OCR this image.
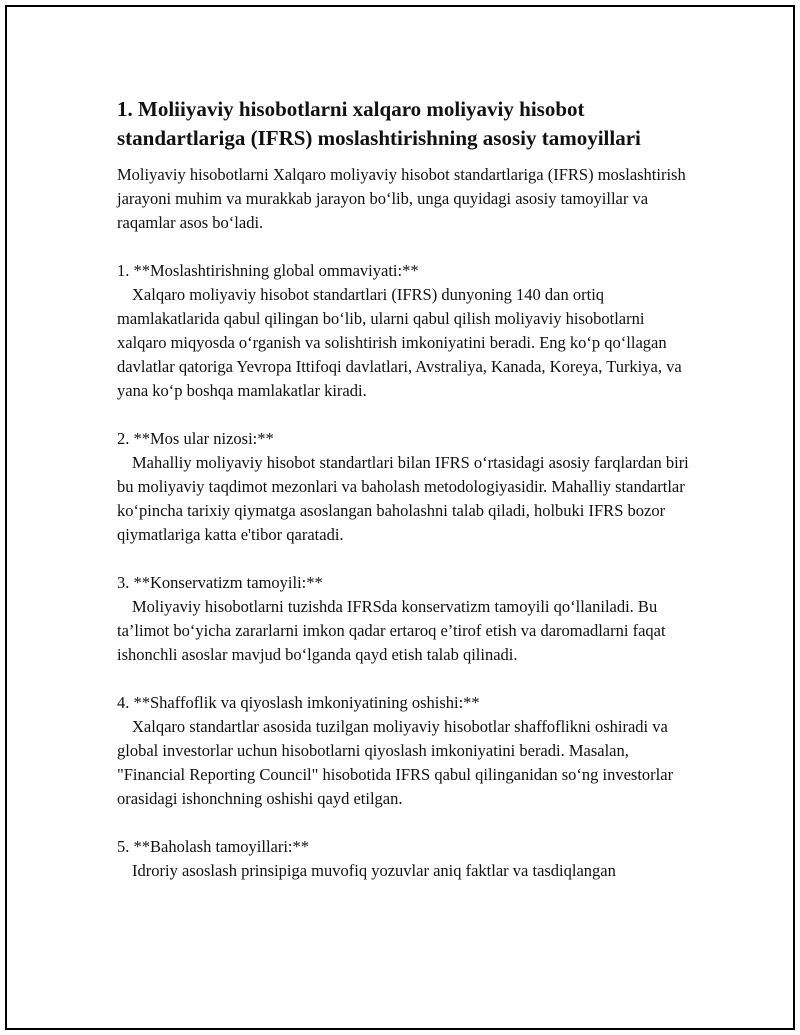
1. Moliiyaviy hisobotlarni xalqaro moliyaviy hisobot standartlariga (IFRS) moslashtirishning asosiy tamoyillari

Moliyaviy hisobotlarni Xalqaro moliyaviy hisobot standartlariga (IFRS) moslashtirish jarayoni muhim va murakkab jarayon bo‘lib, unga quyidagi asosiy tamoyillar va raqamlar asos bo‘ladi.

1. **Moslashtirishning global ommaviyati:**

Xalqaro moliyaviy hisobot standartlari (IFRS) dunyoning 140 dan ortiq mamlakatlarida qabul qilingan bo‘lib, ularni qabul qilish moliyaviy hisobotlarni xalqaro miqyosda o‘rganish va solishtirish imkoniyatini beradi. Eng ko‘p qo‘llagan davlatlar qatoriga Yevropa Ittifoqi davlatlari, Avstraliya, Kanada, Koreya, Turkiya, va yana ko‘p boshqa mamlakatlar kiradi.

2. **Mos ular nizosi:**

Mahalliy moliyaviy hisobot standartlari bilan IFRS o‘rtasidagi asosiy farqlardan biri bu moliyaviy taqdimot mezonlari va baholash metodologiyasidir. Mahalliy standartlar ko‘pincha tarixiy qiymatga asoslangan baholashni talab qiladi, holbuki IFRS bozor qiymatlariga katta e'tibor qaratadi.

3. **Konservatizm tamoyili:**

Moliyaviy hisobotlarni tuzishda IFRSda konservatizm tamoyili qo‘llaniladi. Bu ta’limot bo‘yicha zararlarni imkon qadar ertaroq e’tirof etish va daromadlarni faqat ishonchli asoslar mavjud bo‘lganda qayd etish talab qilinadi.

4. **Shaffoflik va qiyoslash imkoniyatining oshishi:**

Xalqaro standartlar asosida tuzilgan moliyaviy hisobotlar shaffoflikni oshiradi va global investorlar uchun hisobotlarni qiyoslash imkoniyatini beradi. Masalan, "Financial Reporting Council" hisobotida IFRS qabul qilinganidan so‘ng investorlar orasidagi ishonchning oshishi qayd etilgan.

5. **Baholash tamoyillari:**

Idroriy asoslash prinsipiga muvofiq yozuvlar aniq faktlar va tasdiqlangan
